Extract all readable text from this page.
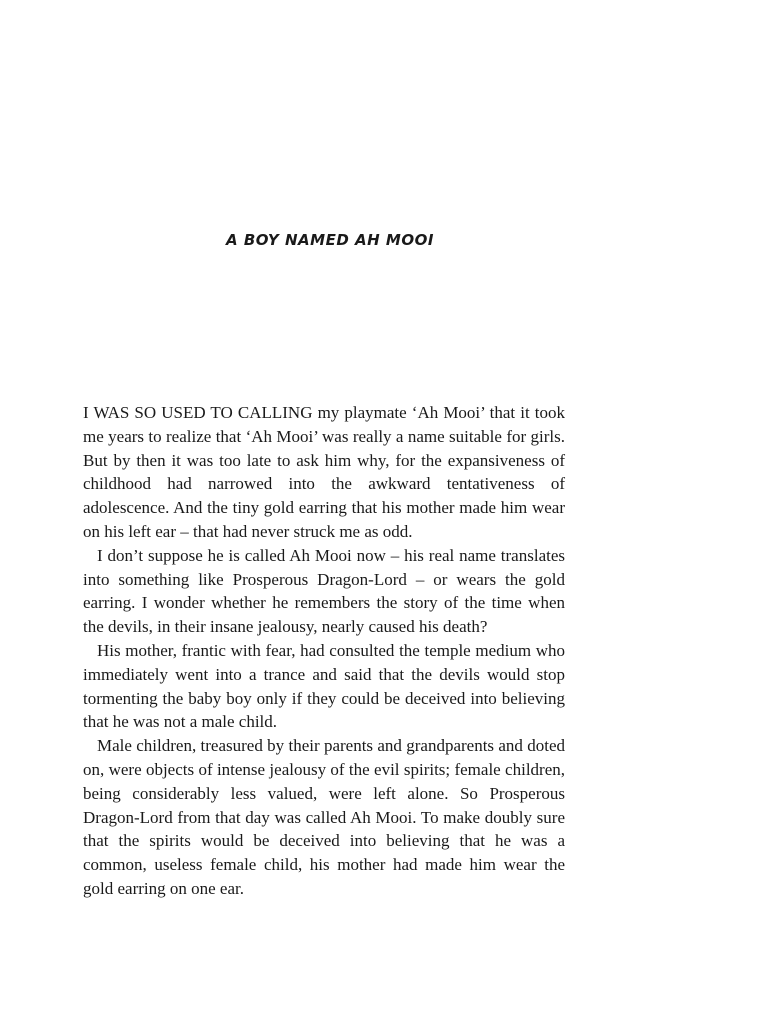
A BOY NAMED AH MOOI

I WAS SO USED TO CALLING my playmate ‘Ah Mooi’ that it took me years to realize that ‘Ah Mooi’ was really a name suitable for girls. But by then it was too late to ask him why, for the expansiveness of childhood had narrowed into the awkward tentativeness of adolescence. And the tiny gold earring that his mother made him wear on his left ear – that had never struck me as odd.

I don’t suppose he is called Ah Mooi now – his real name translates into something like Prosperous Dragon-Lord – or wears the gold earring. I wonder whether he remembers the story of the time when the devils, in their insane jealousy, nearly caused his death?

His mother, frantic with fear, had consulted the temple medium who immediately went into a trance and said that the devils would stop tormenting the baby boy only if they could be deceived into believing that he was not a male child.

Male children, treasured by their parents and grandparents and doted on, were objects of intense jealousy of the evil spirits; female children, being considerably less valued, were left alone. So Prosperous Dragon-Lord from that day was called Ah Mooi. To make doubly sure that the spirits would be deceived into believing that he was a common, useless female child, his mother had made him wear the gold earring on one ear.
